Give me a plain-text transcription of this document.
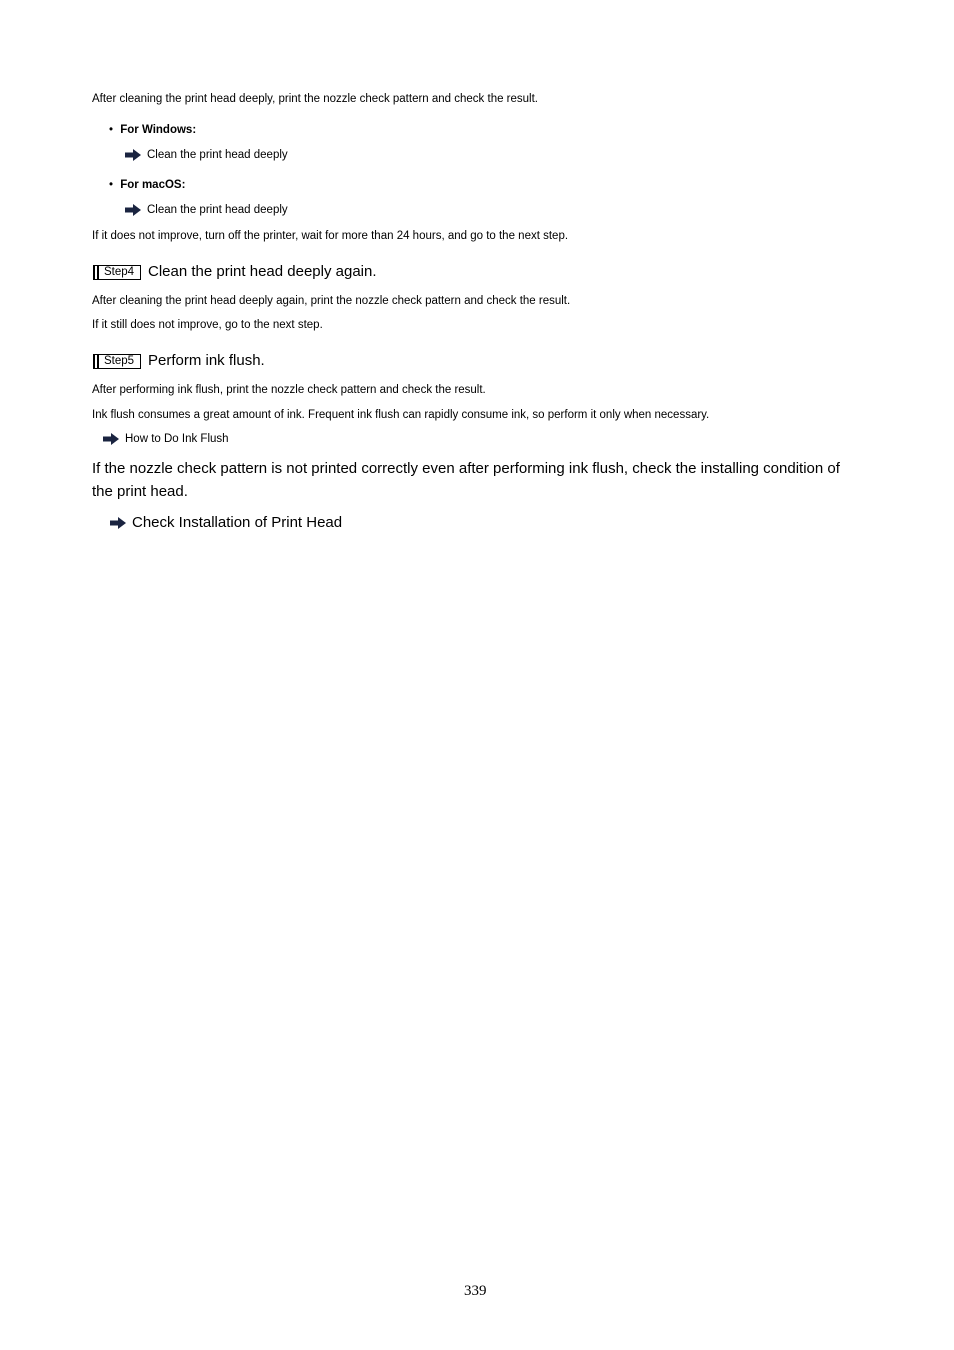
After cleaning the print head deeply, print the nozzle check pattern and check the result.
• For Windows:
Clean the print head deeply
• For macOS:
Clean the print head deeply
If it does not improve, turn off the printer, wait for more than 24 hours, and go to the next step.
Step4 Clean the print head deeply again.
After cleaning the print head deeply again, print the nozzle check pattern and check the result.
If it still does not improve, go to the next step.
Step5 Perform ink flush.
After performing ink flush, print the nozzle check pattern and check the result.
Ink flush consumes a great amount of ink. Frequent ink flush can rapidly consume ink, so perform it only when necessary.
How to Do Ink Flush
If the nozzle check pattern is not printed correctly even after performing ink flush, check the installing condition of
the print head.
Check Installation of Print Head
339
